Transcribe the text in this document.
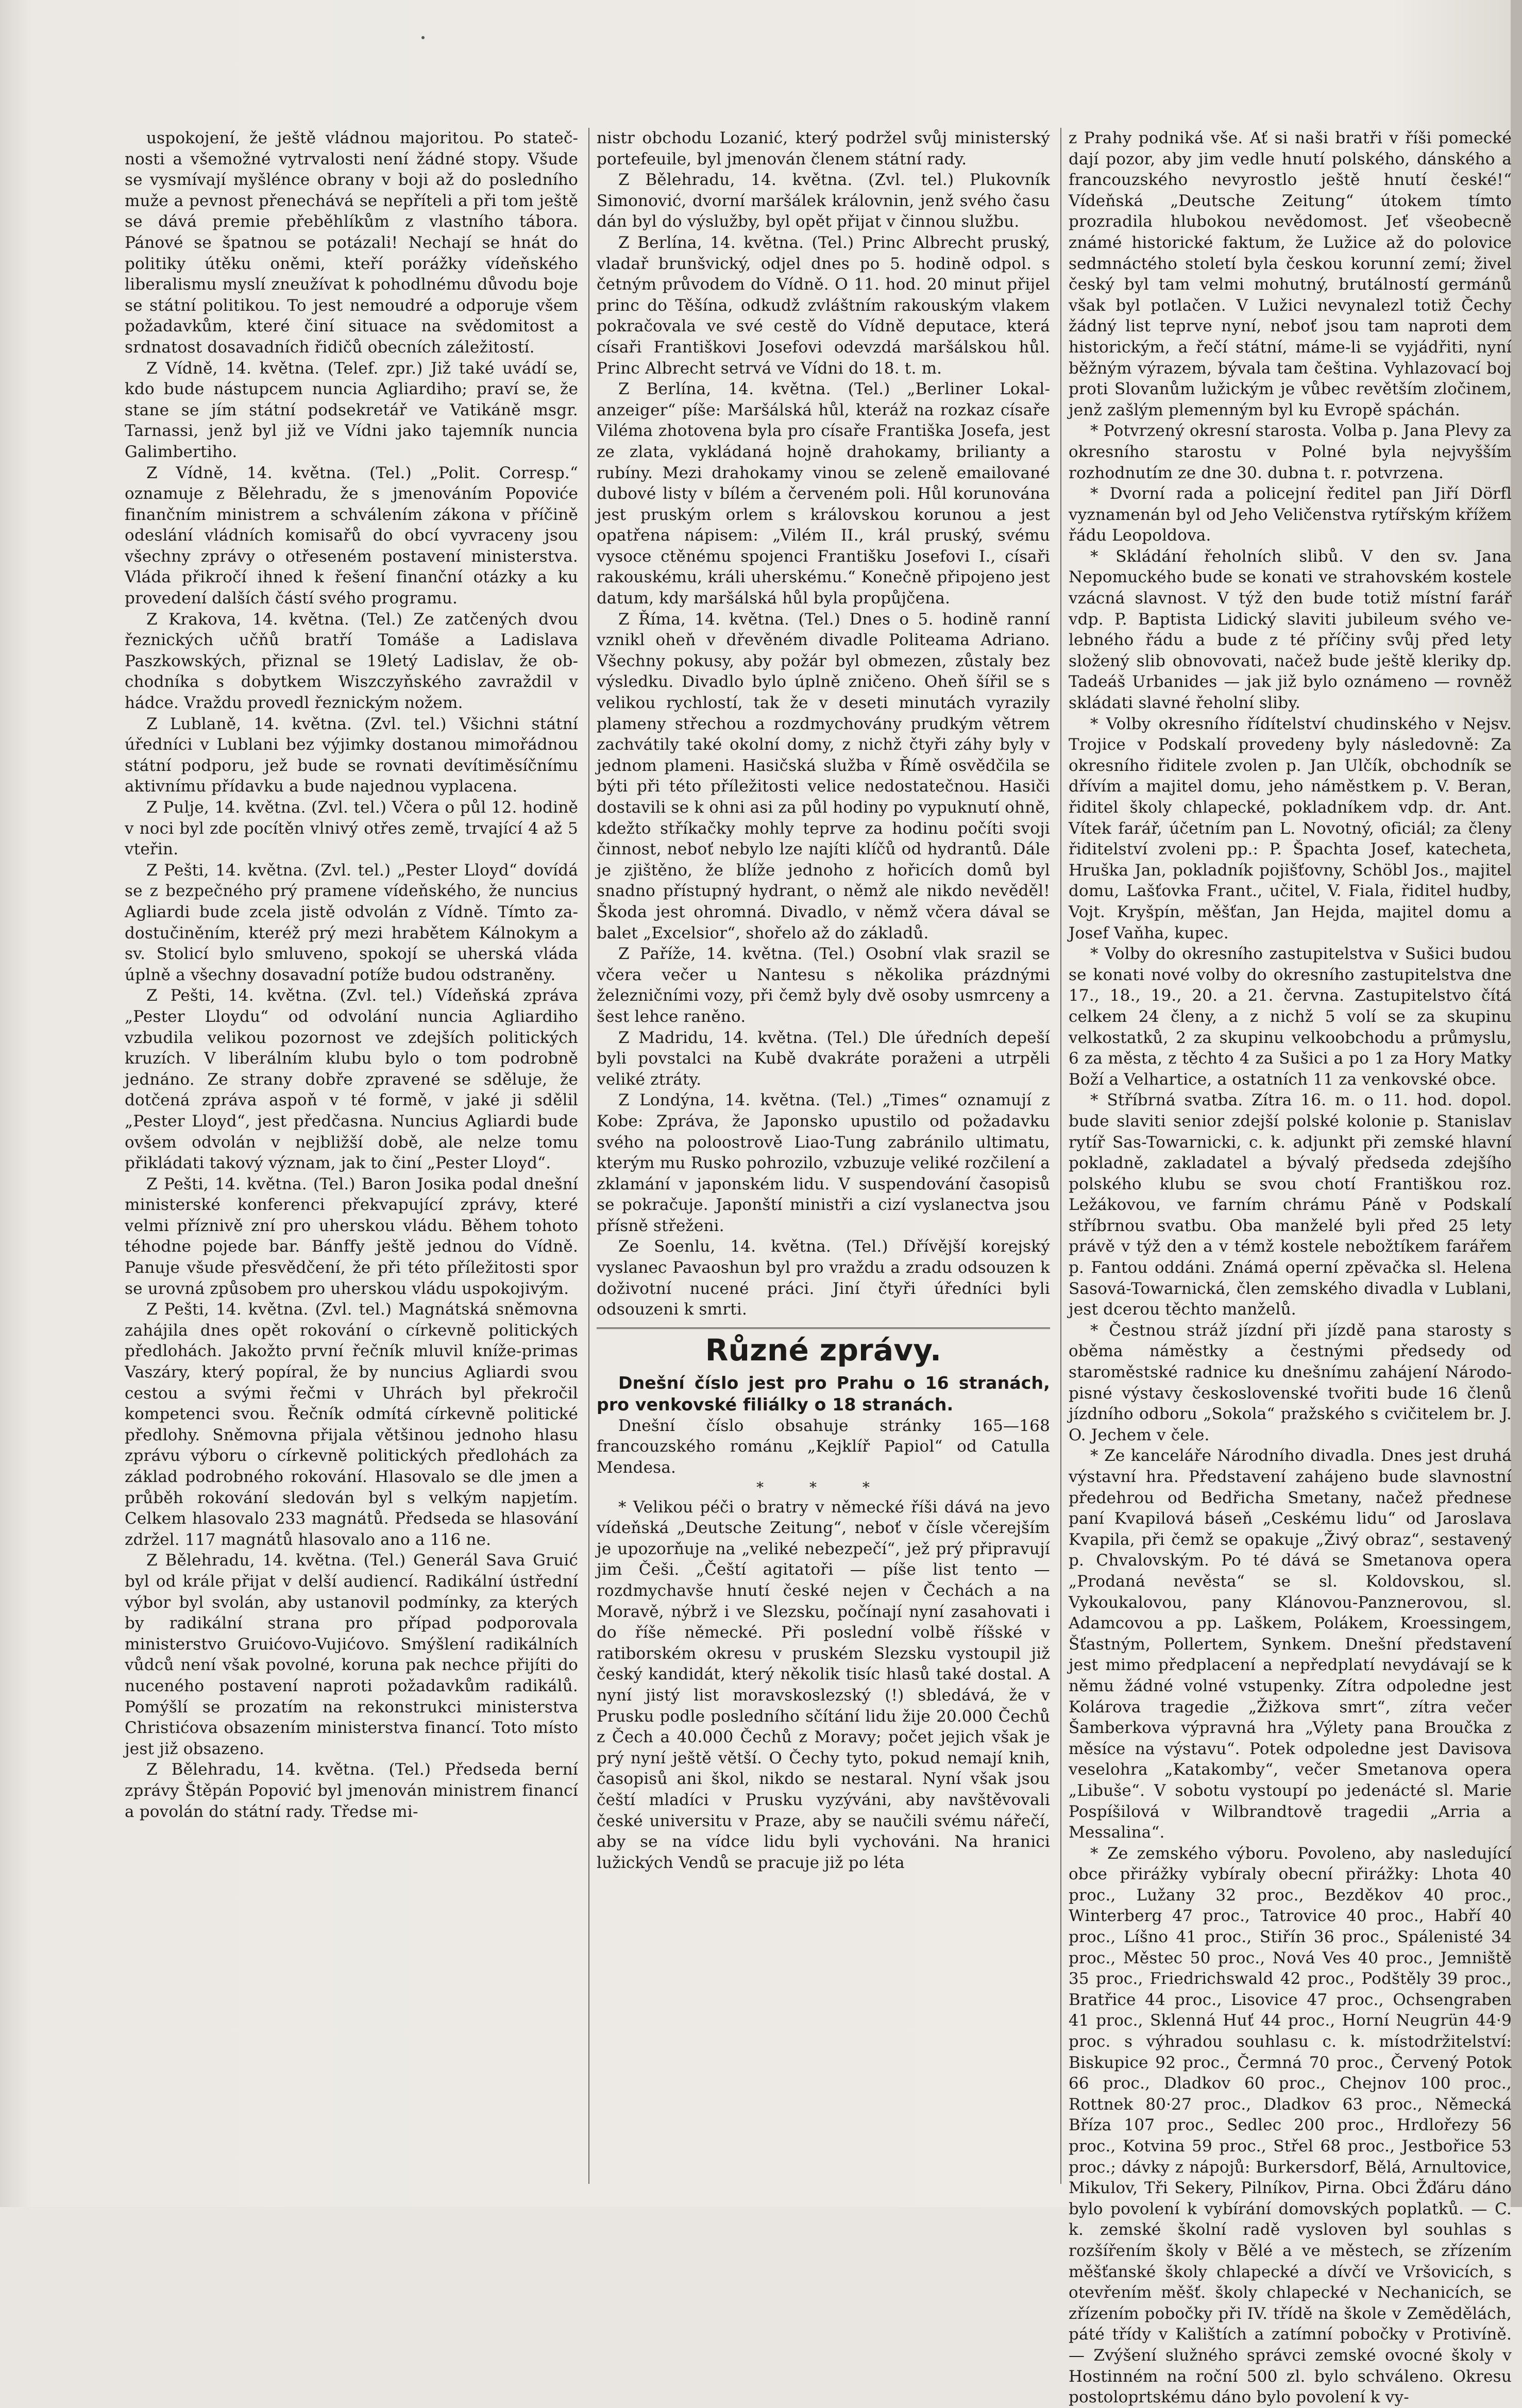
uspokojení, že ještě vládnou majoritou. Po statečnosti a všemožné vytrvalosti není žádné stopy. Všude se vysmívají myšlénce obrany v boji až do posledního muže a pevnost přenechává se nepříteli a při tom ještě se dává premie přeběhlíkům z vlastního tábora. Pánové se špatnou se potázali! Nechají se hnát do politiky útěku oněmi, kteří porážky vídeňského liberalismu myslí zneužívat k pohodlnému důvodu boje se státní politikou. To jest nemoudré a odporuje všem požadavkům, které činí situace na svědomitost a srdnatost dosavadních řidičů obecních záležitostí.

Z Vídně, 14. května. (Telef. zpr.) Již také uvádí se, kdo bude nástupcem nuncia Agliardiho; praví se, že stane se jím státní podsekretář ve Vatikáně msgr. Tarnassi, jenž byl již ve Vídni jako tajemník nuncia Galimbertiho.

Z Vídně, 14. května. (Tel.) „Polit. Corresp.“ oznamuje z Bělehradu, že s jmenováním Popoviće finančním ministrem a schválením zákona v příčině odeslání vládních komisařů do obcí vyvraceny jsou všechny zprávy o otřeseném postavení ministerstva. Vláda přikročí ihned k řešení finanční otázky a ku provedení dalších částí svého programu.

Z Krakova, 14. května. (Tel.) Ze zatčených dvou řeznických učňů bratří Tomáše a Ladislava Paszkowských, přiznal se 19letý Ladislav, že obchodníka s dobytkem Wiszczyňského zavraždil v hádce. Vraždu provedl řeznickým nožem.

Z Lublaně, 14. května. (Zvl. tel.) Všichni státní úředníci v Lublani bez výjimky dostanou mimořádnou státní podporu, jež bude se rovnati devítiměsíčnímu aktivnímu přídavku a bude najednou vyplacena.

Z Pulje, 14. května. (Zvl. tel.) Včera o půl 12. hodině v noci byl zde pocítěn vlnivý otřes země, trvající 4 až 5 vteřin.

Z Pešti, 14. května. (Zvl. tel.) „Pester Lloyd“ dovídá se z bezpečného prý pramene vídeňského, že nuncius Agliardi bude zcela jistě odvolán z Vídně. Tímto zadostučiněním, kteréž prý mezi hrabětem Kálnokym a sv. Stolicí bylo smluveno, spokojí se uherská vláda úplně a všechny dosavadní potíže budou odstraněny.

Z Pešti, 14. května. (Zvl. tel.) Vídeňská zpráva „Pester Lloydu“ od odvolání nuncia Agliardiho vzbudila velikou pozornost ve zdejších politických kruzích. V liberálním klubu bylo o tom podrobně jednáno. Ze strany dobře zpravené se sděluje, že dotčená zpráva aspoň v té formě, v jaké ji sdělil „Pester Lloyd“, jest předčasna. Nuncius Agliardi bude ovšem odvolán v nejbližší době, ale nelze tomu přikládati takový význam, jak to činí „Pester Lloyd“.

Z Pešti, 14. května. (Tel.) Baron Josika podal dnešní ministerské konferenci překvapující zprávy, které velmi příznivě zní pro uherskou vládu. Během tohoto téhodne pojede bar. Bánffy ještě jednou do Vídně. Panuje všude přesvědčení, že při této příležitosti spor se urovná způsobem pro uherskou vládu uspokojivým.

Z Pešti, 14. května. (Zvl. tel.) Magnátská sněmovna zahájila dnes opět rokování o církevně politických předlohách. Jakožto první řečník mluvil kníže-primas Vaszáry, který popíral, že by nuncius Agliardi svou cestou a svými řečmi v Uhrách byl překročil kompetenci svou. Řečník odmítá církevně politické předlohy. Sněmovna přijala většinou jednoho hlasu zprávu výboru o církevně politických předlohách za základ podrobného rokování. Hlasovalo se dle jmen a průběh rokování sledován byl s velkým napjetím. Celkem hlasovalo 233 magnátů. Předseda se hlasování zdržel. 117 magnátů hlasovalo ano a 116 ne.

Z Bělehradu, 14. května. (Tel.) Generál Sava Gruić byl od krále přijat v delší audiencí. Radikální ústřední výbor byl svolán, aby ustanovil podmínky, za kterých by radikální strana pro případ podporovala ministerstvo Gruićovo-Vujićovo. Smýšlení radikálních vůdců není však povolné, koruna pak nechce přijíti do nuceného postavení naproti požadavkům radikálů. Pomýšlí se prozatím na rekonstrukci ministerstva Christićova obsazením ministerstva financí. Toto místo jest již obsazeno.

Z Bělehradu, 14. května. (Tel.) Předseda berní zprávy Štěpán Popović byl jmenován ministrem financí a povolán do státní rady. Tředse mi-

nistr obchodu Lozanić, který podržel svůj ministerský portefeuile, byl jmenován členem státní rady.

Z Bělehradu, 14. května. (Zvl. tel.) Plukovník Simonović, dvorní maršálek královnin, jenž svého času dán byl do výslužby, byl opět přijat v činnou službu.

Z Berlína, 14. května. (Tel.) Princ Albrecht pruský, vladař brunšvický, odjel dnes po 5. hodině odpol. s četným průvodem do Vídně. O 11. hod. 20 minut přijel princ do Těšína, odkudž zvláštním rakouským vlakem pokračovala ve své cestě do Vídně deputace, která císaři Františkovi Josefovi odevzdá maršálskou hůl. Princ Albrecht setrvá ve Vídni do 18. t. m.

Z Berlína, 14. května. (Tel.) „Berliner Lokalanzeiger“ píše: Maršálská hůl, kteráž na rozkaz císaře Viléma zhotovena byla pro císaře Františka Josefa, jest ze zlata, vykládaná hojně drahokamy, brilianty a rubíny. Mezi drahokamy vinou se zeleně emailované dubové listy v bílém a červeném poli. Hůl korunována jest pruským orlem s královskou korunou a jest opatřena nápisem: „Vilém II., král pruský, svému vysoce ctěnému spojenci Františku Josefovi I., císaři rakouskému, králi uherskému.“ Konečně připojeno jest datum, kdy maršálská hůl byla propůjčena.

Z Říma, 14. května. (Tel.) Dnes o 5. hodině ranní vznikl oheň v dřevěném divadle Politeama Adriano. Všechny pokusy, aby požár byl obmezen, zůstaly bez výsledku. Divadlo bylo úplně zničeno. Oheň šířil se s velikou rychlostí, tak že v deseti minutách vyrazily plameny střechou a rozdmychovány prudkým větrem zachvátily také okolní domy, z nichž čtyři záhy byly v jednom plameni. Hasičská služba v Římě osvědčila se býti při této příležitosti velice nedostatečnou. Hasiči dostavili se k ohni asi za půl hodiny po vypuknutí ohně, kdežto stříkačky mohly teprve za hodinu počíti svoji činnost, neboť nebylo lze najíti klíčů od hydrantů. Dále je zjištěno, že blíže jednoho z hořicích domů byl snadno přístupný hydrant, o němž ale nikdo nevěděl! Škoda jest ohromná. Divadlo, v němž včera dával se balet „Excelsior“, shořelo až do základů.

Z Paříže, 14. května. (Tel.) Osobní vlak srazil se včera večer u Nantesu s několika prázdnými železničními vozy, při čemž byly dvě osoby usmrceny a šest lehce raněno.

Z Madridu, 14. května. (Tel.) Dle úředních depeší byli povstalci na Kubě dvakráte poraženi a utrpěli veliké ztráty.

Z Londýna, 14. května. (Tel.) „Times“ oznamují z Kobe: Zpráva, že Japonsko upustilo od požadavku svého na poloostrově Liao-Tung zabránilo ultimatu, kterým mu Rusko pohrozilo, vzbuzuje veliké rozčilení a zklamání v japonském lidu. V suspendování časopisů se pokračuje. Japonští ministři a cizí vyslanectva jsou přísně střeženi.

Ze Soenlu, 14. května. (Tel.) Dřívější korejský vyslanec Pavaoshun byl pro vraždu a zradu odsouzen k doživotní nucené práci. Jiní čtyři úředníci byli odsouzeni k smrti.

Různé zprávy.

Dnešní číslo jest pro Prahu o 16 stranách, pro venkovské filiálky o 18 stranách.

Dnešní číslo obsahuje stránky 165—168 francouzského románu „Kejklíř Papiol“ od Catulla Mendesa.

* * *

* Velikou péči o bratry v německé říši dává na jevo vídeňská „Deutsche Zeitung“, neboť v čísle včerejším je upozorňuje na „veliké nebezpečí“, jež prý připravují jim Češi. „Čeští agitatoři — píše list tento — rozdmychavše hnutí české nejen v Čechách a na Moravě, nýbrž i ve Slezsku, počínají nyní zasahovati i do říše německé. Při poslední volbě říšské v ratiborském okresu v pruském Slezsku vystoupil již český kandidát, který několik tisíc hlasů také dostal. A nyní jistý list moravskoslezský (!) sbledává, že v Prusku podle posledního sčítání lidu žije 20.000 Čechů z Čech a 40.000 Čechů z Moravy; počet jejich však je prý nyní ještě větší. O Čechy tyto, pokud nemají knih, časopisů ani škol, nikdo se nestaral. Nyní však jsou čeští mladíci v Prusku vyzýváni, aby navštěvovali české universitu v Praze, aby se naučili svému nářečí, aby se na vídce lidu byli vychováni. Na hranici lužických Vendů se pracuje již po léta

z Prahy podniká vše. Ať si naši bratři v říši pomecké dají pozor, aby jim vedle hnutí polského, dánského a francouzského nevyrostlo ještě hnutí české!“ Vídeňská „Deutsche Zeitung“ útokem tímto prozradila hlubokou nevědomost. Jeť všeobecně známé historické faktum, že Lužice až do polovice sedmnáctého století byla českou korunní zemí; živel český byl tam velmi mohutný, brutálností germánů však byl potlačen. V Lužici nevynalezl totiž Čechy žádný list teprve nyní, neboť jsou tam naproti dem historickým, a řečí státní, máme-li se vyjádřiti, nyní běžným výrazem, bývala tam čeština. Vyhlazovací boj proti Slovanům lužickým je vůbec revětším zločinem, jenž zašlým plemenným byl ku Evropě spáchán.

* Potvrzený okresní starosta. Volba p. Jana Plevy za okresního starostu v Polné byla nejvyšším rozhodnutím ze dne 30. dubna t. r. potvrzena.

* Dvorní rada a policejní ředitel pan Jiří Dörfl vyznamenán byl od Jeho Veličenstva rytířským křížem řádu Leopoldova.

* Skládání řeholních slibů. V den sv. Jana Nepomuckého bude se konati ve strahovském kostele vzácná slavnost. V týž den bude totiž místní farář vdp. P. Baptista Lidický slaviti jubileum svého velebného řádu a bude z té příčiny svůj před lety složený slib obnovovati, načež bude ještě kleriky dp. Tadeáš Urbanides — jak již bylo oznámeno — rovněž skládati slavné řeholní sliby.

* Volby okresního řídítelství chudinského v Nejsv. Trojice v Podskalí provedeny byly následovně: Za okresního řiditele zvolen p. Jan Ulčík, obchodník se dřívím a majitel domu, jeho náměstkem p. V. Beran, řiditel školy chlapecké, pokladníkem vdp. dr. Ant. Vítek farář, účetním pan L. Novotný, oficiál; za členy řiditelství zvoleni pp.: P. Špachta Josef, katecheta, Hruška Jan, pokladník pojišťovny, Schöbl Jos., majitel domu, Lašťovka Frant., učitel, V. Fiala, řiditel hudby, Vojt. Kryšpín, měšťan, Jan Hejda, majitel domu a Josef Vaňha, kupec.

* Volby do okresního zastupitelstva v Sušici budou se konati nové volby do okresního zastupitelstva dne 17., 18., 19., 20. a 21. června. Zastupitelstvo čítá celkem 24 členy, a z nichž 5 volí se za skupinu velkostatků, 2 za skupinu velkoobchodu a průmyslu, 6 za města, z těchto 4 za Sušici a po 1 za Hory Matky Boží a Velhartice, a ostatních 11 za venkovské obce.

* Stříbrná svatba. Zítra 16. m. o 11. hod. dopol. bude slaviti senior zdejší polské kolonie p. Stanislav rytíř Sas-Towarnicki, c. k. adjunkt při zemské hlavní pokladně, zakladatel a bývalý předseda zdejšího polského klubu se svou chotí Františkou roz. Ležákovou, ve farním chrámu Páně v Podskalí stříbrnou svatbu. Oba manželé byli před 25 lety právě v týž den a v témž kostele nebožtíkem farářem p. Fantou oddáni. Známá operní zpěvačka sl. Helena Sasová-Towarnická, člen zemského divadla v Lublani, jest dcerou těchto manželů.

* Čestnou stráž jízdní při jízdě pana starosty s oběma náměstky a čestnými předsedy od staroměstské radnice ku dnešnímu zahájení Národopisné výstavy československé tvořiti bude 16 členů jízdního odboru „Sokola“ pražského s cvičitelem br. J. O. Jechem v čele.

* Ze kanceláře Národního divadla. Dnes jest druhá výstavní hra. Představení zahájeno bude slavnostní předehrou od Bedřicha Smetany, načež přednese paní Kvapilová báseň „Ceskému lidu“ od Jaroslava Kvapila, při čemž se opakuje „Živý obraz“, sestavený p. Chvalovským. Po té dává se Smetanova opera „Prodaná nevěsta“ se sl. Koldovskou, sl. Vykoukalovou, pany Klánovou-Panznerovou, sl. Adamcovou a pp. Laškem, Polákem, Kroessingem, Šťastným, Pollertem, Synkem. Dnešní představení jest mimo předplacení a nepředplatí nevydávají se k němu žádné volné vstupenky. Zítra odpoledne jest Kolárova tragedie „Žižkova smrt“, zítra večer Šamberkova výpravná hra „Výlety pana Broučka z měsíce na výstavu“. Potek odpoledne jest Davisova veselohra „Katakomby“, večer Smetanova opera „Libuše“. V sobotu vystoupí po jedenácté sl. Marie Pospíšilová v Wilbrandtově tragedii „Arria a Messalina“.

* Ze zemského výboru. Povoleno, aby nasledující obce přirážky vybíraly obecní přirážky: Lhota 40 proc., Lužany 32 proc., Bezděkov 40 proc., Winterberg 47 proc., Tatrovice 40 proc., Habří 40 proc., Líšno 41 proc., Stiřín 36 proc., Spálenisté 34 proc., Městec 50 proc., Nová Ves 40 proc., Jemniště 35 proc., Friedrichswald 42 proc., Podštěly 39 proc., Bratřice 44 proc., Lisovice 47 proc., Ochsengraben 41 proc., Sklenná Huť 44 proc., Horní Neugrün 44·9 proc. s výhradou souhlasu c. k. místodržitelství: Biskupice 92 proc., Čermná 70 proc., Červený Potok 66 proc., Dladkov 60 proc., Chejnov 100 proc., Rottnek 80·27 proc., Dladkov 63 proc., Německá Bříza 107 proc., Sedlec 200 proc., Hrdlořezy 56 proc., Kotvina 59 proc., Střel 68 proc., Jestbořice 53 proc.; dávky z nápojů: Burkersdorf, Bělá, Arnultovice, Mikulov, Tři Sekery, Pilníkov, Pirna. Obci Žďáru dáno bylo povolení k vybírání domovských poplatků. — C. k. zemské školní radě vysloven byl souhlas s rozšířením školy v Bělé a ve městech, se zřízením měšťanské školy chlapecké a dívčí ve Vršovicích, s otevřením měšť. školy chlapecké v Nechanicích, se zřízením pobočky při IV. třídě na škole v Zemědělách, páté třídy v Kalištích a zatímní pobočky v Protivíně. — Zvýšení služného správci zemské ovocné školy v Hostinném na roční 500 zl. bylo schváleno. Okresu postoloprtskému dáno bylo povolení k vy-
